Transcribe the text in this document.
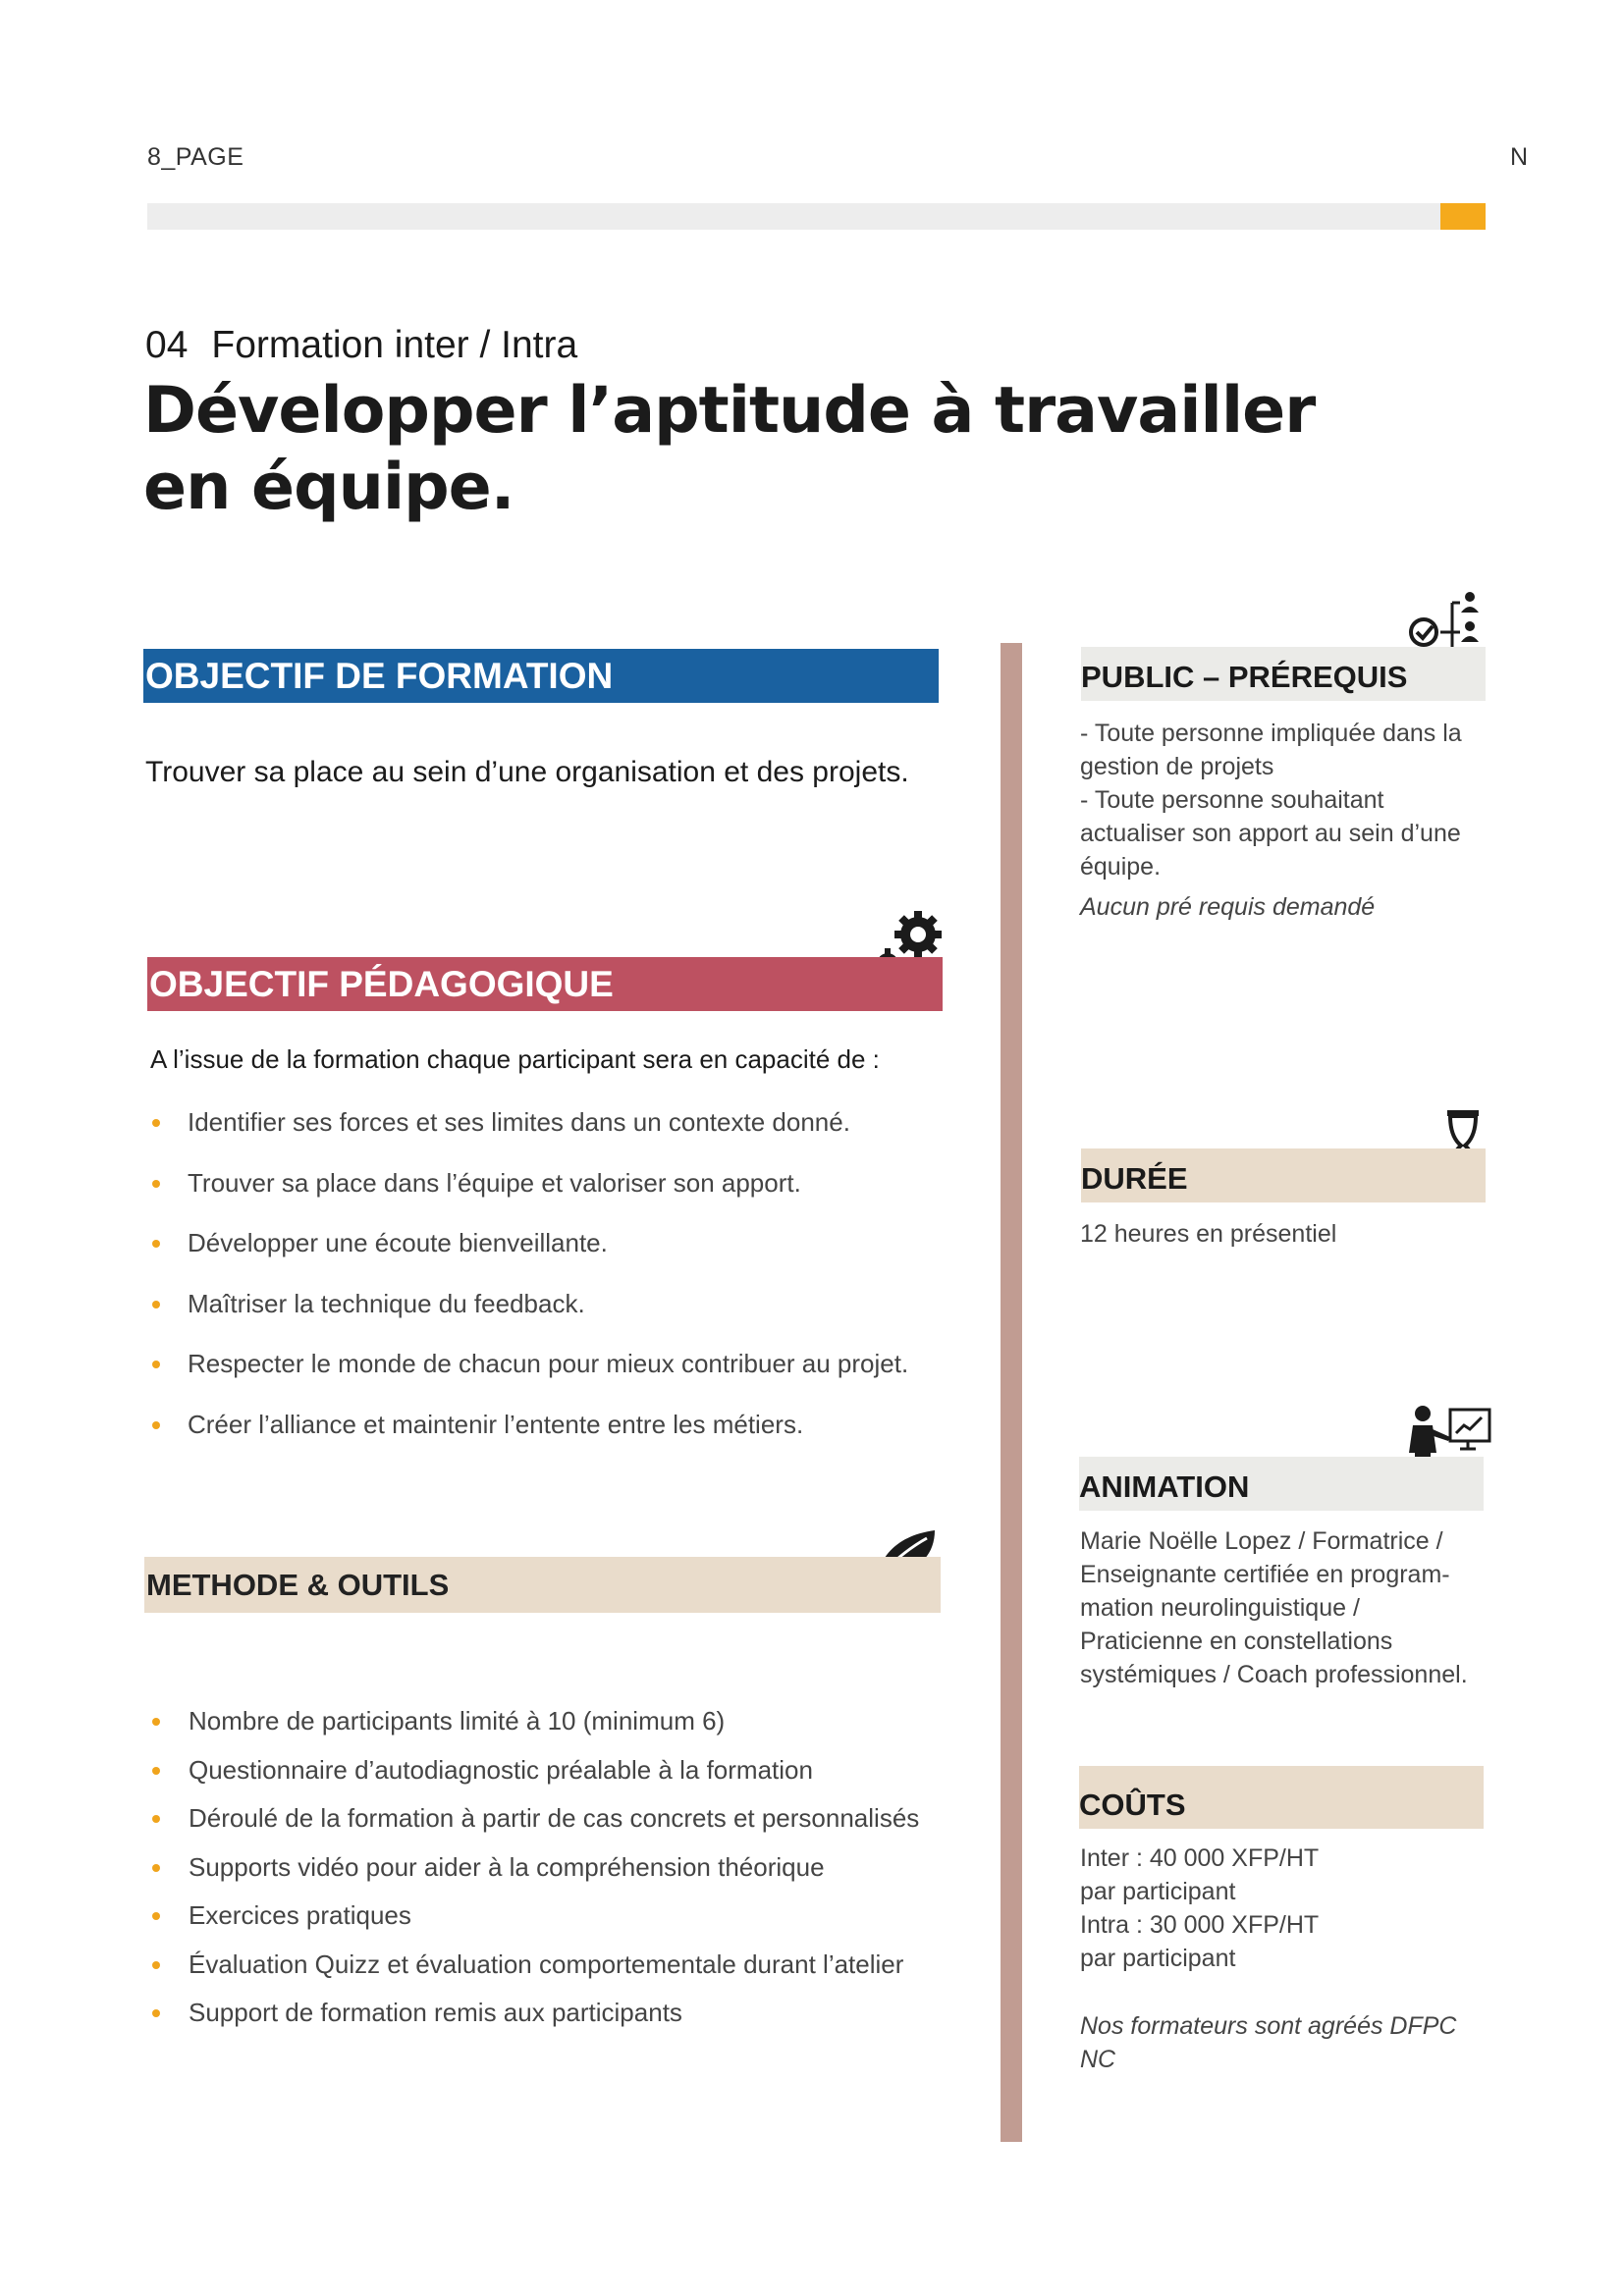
8_PAGE	N
04 Formation inter / Intra
Développer l’aptitude à travailler en équipe.
OBJECTIF DE FORMATION
Trouver sa place au sein d’une organisation et des projets.
OBJECTIF PÉDAGOGIQUE
A l’issue de la formation chaque participant sera en capacité de :
Identifier ses forces et ses limites dans un contexte donné.
Trouver sa place dans l’équipe et valoriser son apport.
Développer une écoute bienveillante.
Maîtriser la technique du feedback.
Respecter le monde de chacun pour mieux contribuer au projet.
Créer l’alliance et maintenir l’entente entre les métiers.
METHODE & OUTILS
Nombre de participants limité à 10 (minimum 6)
Questionnaire d’autodiagnostic préalable à la formation
Déroulé de la formation à partir de cas concrets et personnalisés
Supports vidéo pour aider à la compréhension théorique
Exercices pratiques
Évaluation Quizz et évaluation comportementale durant l’atelier
Support de formation remis aux participants
PUBLIC – PRÉREQUIS
- Toute personne impliquée dans la gestion de projets
- Toute personne souhaitant actualiser son apport au sein d’une équipe.
Aucun pré requis demandé
DURÉE
12 heures en présentiel
ANIMATION
Marie Noëlle Lopez / Formatrice / Enseignante certifiée en program-mation neurolinguistique / Praticienne en constellations systémiques / Coach professionnel.
COÛTS
Inter : 40 000 XFP/HT
par participant
Intra : 30 000 XFP/HT
par participant
Nos formateurs sont agréés DFPC NC
